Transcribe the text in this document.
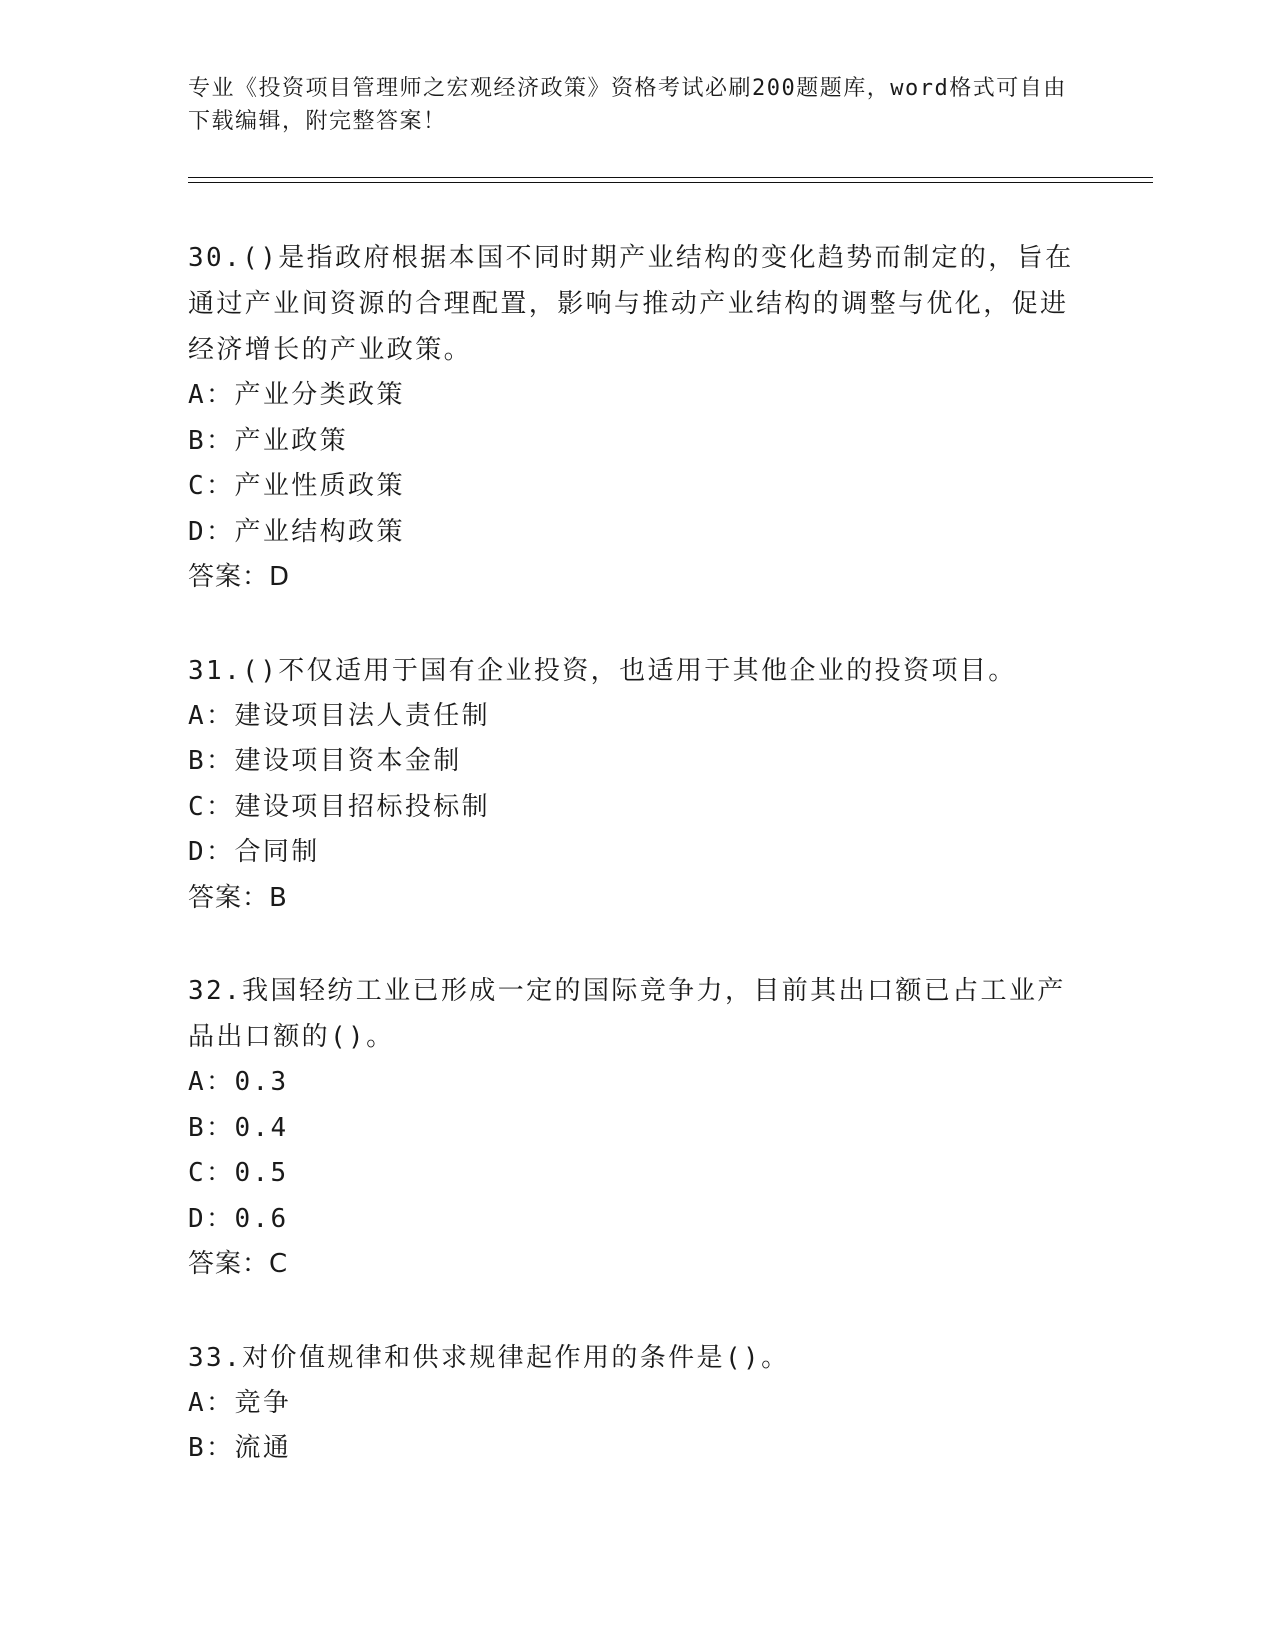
专业《投资项目管理师之宏观经济政策》资格考试必刷200题题库，word格式可自由下载编辑，附完整答案！
30.()是指政府根据本国不同时期产业结构的变化趋势而制定的，旨在通过产业间资源的合理配置，影响与推动产业结构的调整与优化，促进经济增长的产业政策。
A：产业分类政策
B：产业政策
C：产业性质政策
D：产业结构政策
答案：D
31.()不仅适用于国有企业投资，也适用于其他企业的投资项目。
A：建设项目法人责任制
B：建设项目资本金制
C：建设项目招标投标制
D：合同制
答案：B
32.我国轻纺工业已形成一定的国际竞争力，目前其出口额已占工业产品出口额的()。
A：0.3
B：0.4
C：0.5
D：0.6
答案：C
33.对价值规律和供求规律起作用的条件是()。
A：竞争
B：流通
